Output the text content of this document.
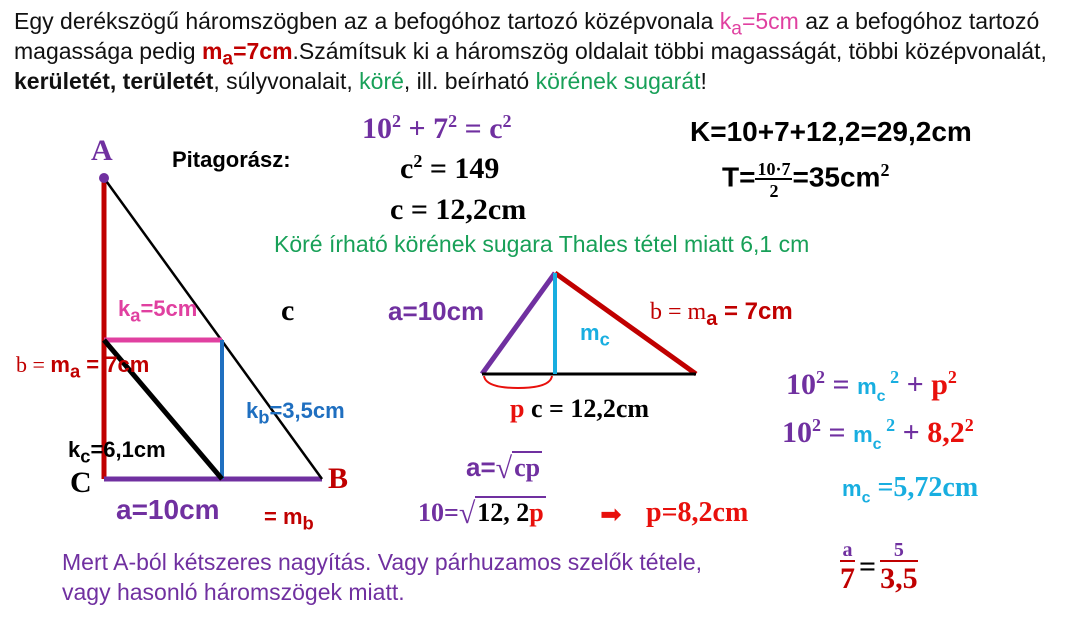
Egy derékszögű háromszögben az a befogóhoz tartozó középvonala $k_a=5cm$ az a befogóhoz tartozó magassága pedig $m_a=7cm.Számítsuk$ ki a háromszög oldalait többi magasságát, többi középvonalát, kerületét, területét, súlyvonalait, köré, ill. beírható körének sugarát!
A
B
C
c
$k_a=5cm$
$b = m_a = 7cm$
$k_b=3,5cm$
$k_c=6,1cm$
$a=10cm = m_b$
Pitagorász:
$10^2 + 7^2 = c^2$
$c^2 = 149$
c = 12,2cm
K=10+7+12,2=29,2cm
$T= \frac{10\cdot 7}{2} =35cm^2$
Köré írható körének sugara Thales tétel miatt 6,1 cm
a=10cm	$b = m_a = 7cm$
$m_c$
p c = 12,2cm
$10^2 = m_c$ $^2 + p^2$
$10^2 = m_c$ $^2 + 8,2^2$
$m_c =5,72cm$
a=√cp
10=√12, 2p ➡ p=8,2cm
Mert A-ból kétszeres nagyítás. Vagy párhuzamos szelők tétele,
vagy hasonló háromszögek miatt.	$\frac{a}{7} = \frac{5}{3,5}$
